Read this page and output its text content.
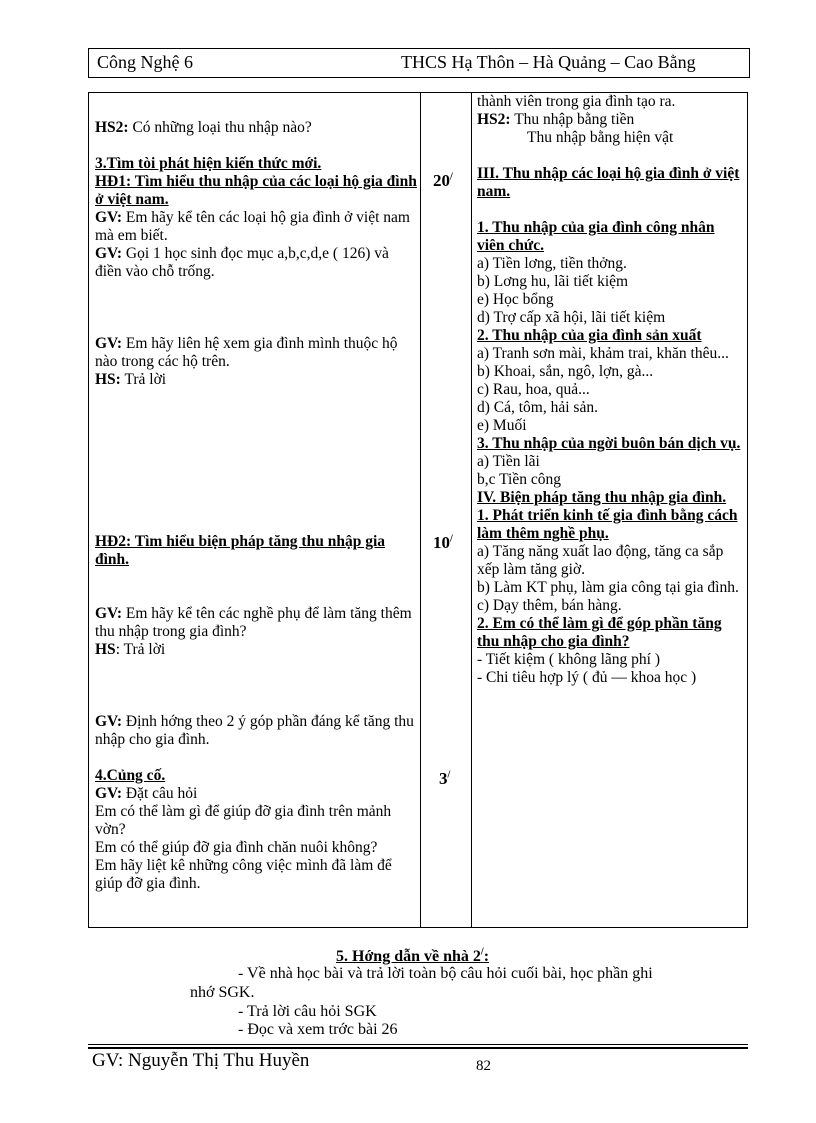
Công Nghệ 6	THCS Hạ Thôn – Hà Quảng – Cao Bằng

HS2: Có những loại thu nhập nào?

3.Tìm tòi phát hiện kiến thức mới.

HĐ1: Tìm hiểu thu nhập của các loại hộ gia đình ở việt nam.

GV: Em hãy kể tên các loại hộ gia đình ở việt nam mà em biết.

GV: Gọi 1 học sinh đọc mục a,b,c,d,e ( 126) và điền vào chỗ trống.

GV: Em hãy liên hệ xem gia đình mình thuộc hộ nào trong các hộ trên.

HS: Trả lời

HĐ2: Tìm hiểu biện pháp tăng thu nhập gia đình.

GV: Em hãy kể tên các nghề phụ để làm tăng thêm thu nhập trong gia đình?

HS: Trả lời

GV: Định hớng theo 2 ý góp phần đáng kể tăng thu nhập cho gia đình.

4.Củng cố.

GV: Đặt câu hỏi

Em có thể làm gì để giúp đỡ gia đình trên mảnh vờn?

Em có thể giúp đỡ gia đình chăn nuôi không?

Em hãy liệt kê những công việc mình đã làm để giúp đỡ gia đình.

20/
10/
3/

thành viên trong gia đình tạo ra.

HS2: Thu nhập bằng tiền

Thu nhập bằng hiện vật

III. Thu nhập các loại hộ gia đình ở việt nam.

1. Thu nhập của gia đình công nhân viên chức.

a) Tiền lơng, tiền thởng.

b) Lơng hu, lãi tiết kiệm

e) Học bổng

d) Trợ cấp xã hội, lãi tiết kiệm

2. Thu nhập của gia đình sản xuất

a) Tranh sơn mài, khảm trai, khăn thêu...

b) Khoai, sắn, ngô, lợn, gà...

c) Rau, hoa, quả...

d) Cá, tôm, hải sản.

e) Muối

3. Thu nhập của ngời buôn bán dịch vụ.

a) Tiền lãi

b,c Tiền công

IV. Biện pháp tăng thu nhập gia đình.

1. Phát triển kinh tế gia đình bằng cách làm thêm nghề phụ.

a) Tăng năng xuất lao động, tăng ca sắp xếp làm tăng giờ.

b) Làm KT phụ, làm gia công tại gia đình.

c) Dạy thêm, bán hàng.

2. Em có thể làm gì để góp phần tăng thu nhập cho gia đình?

- Tiết kiệm ( không lãng phí )

- Chi tiêu hợp lý ( đủ — khoa học )

5. Hớng dẫn về nhà 2/:
- Về nhà học bài và trả lời toàn bộ câu hỏi cuối bài, học phần ghi
nhớ SGK.
- Trả lời câu hỏi SGK
- Đọc và xem trớc bài 26
GV: Nguyễn Thị Thu Huyền	82
